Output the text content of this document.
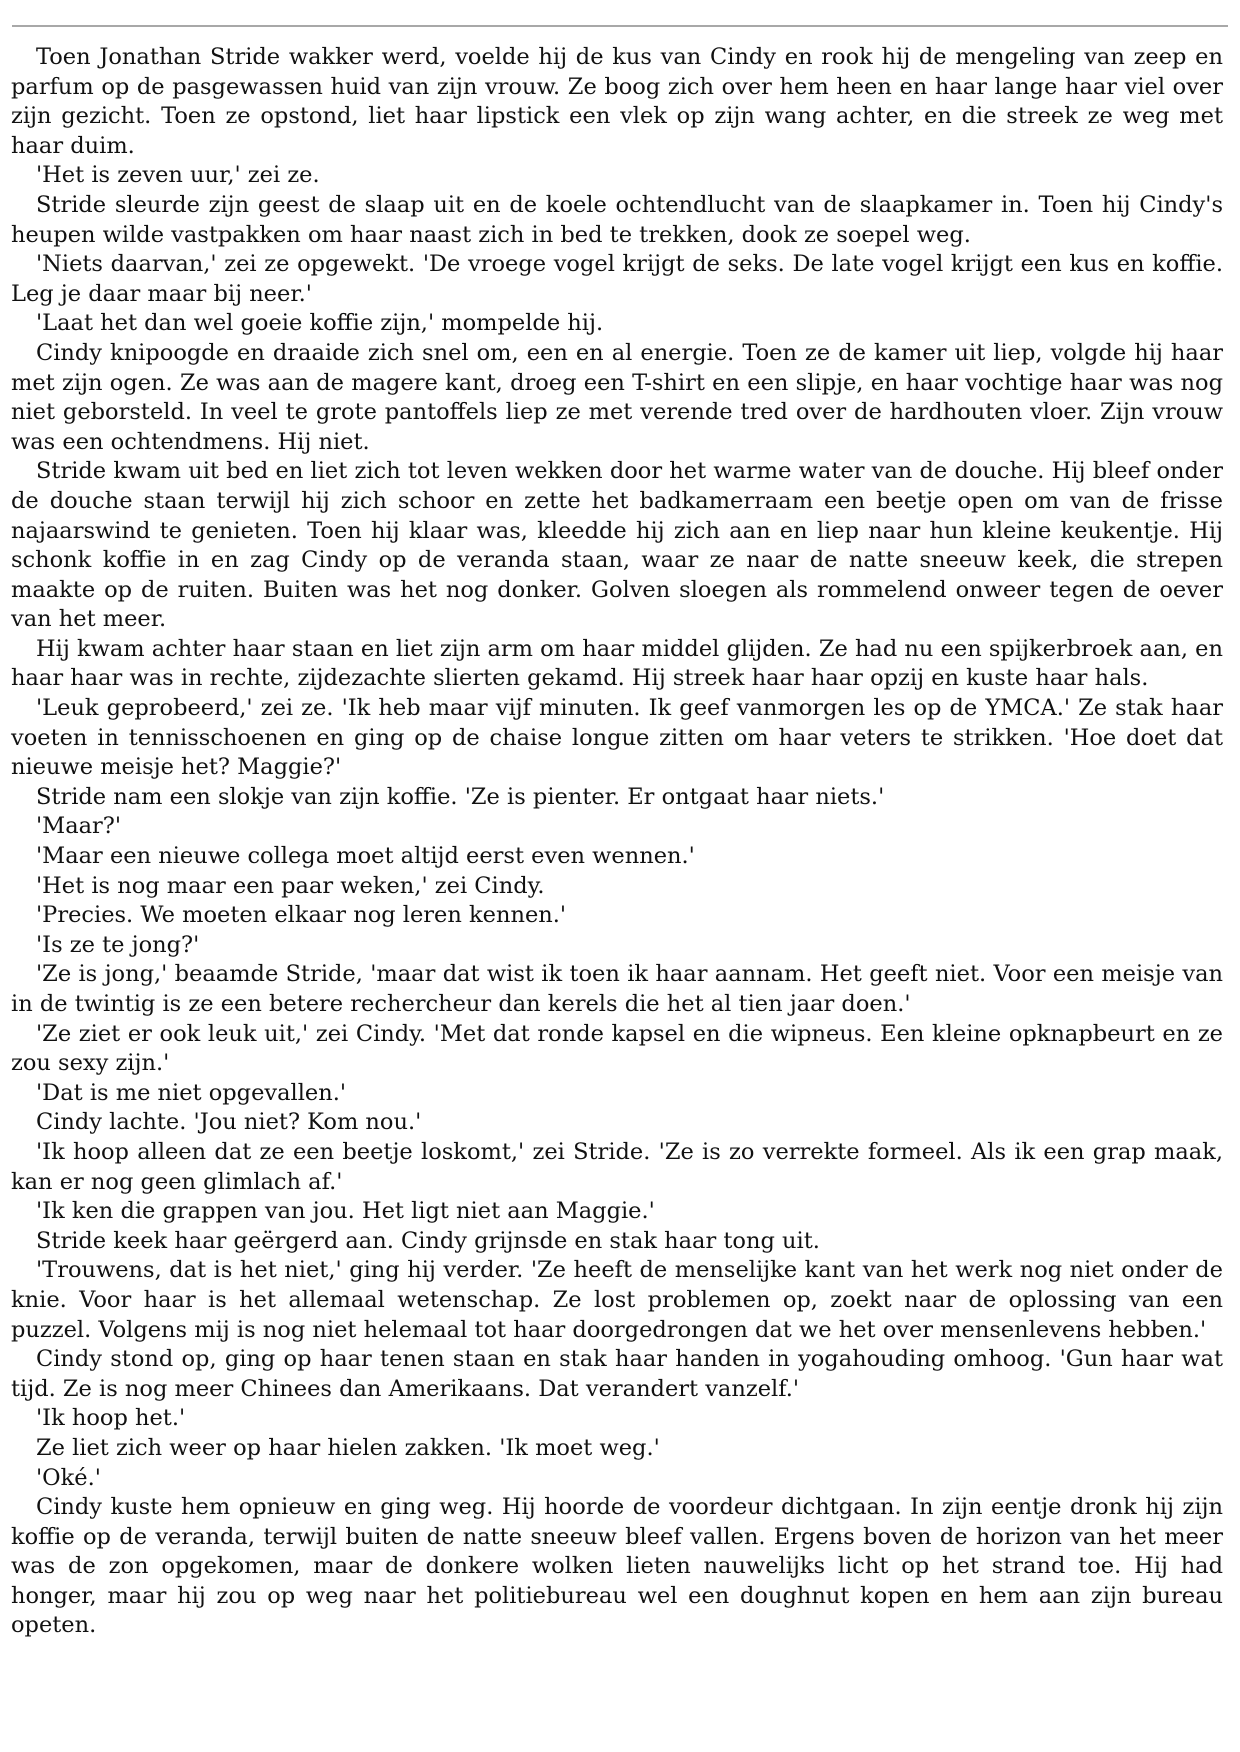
Toen Jonathan Stride wakker werd, voelde hij de kus van Cindy en rook hij de mengeling van zeep en parfum op de pasgewassen huid van zijn vrouw. Ze boog zich over hem heen en haar lange haar viel over zijn gezicht. Toen ze opstond, liet haar lipstick een vlek op zijn wang achter, en die streek ze weg met haar duim.

'Het is zeven uur,' zei ze.

Stride sleurde zijn geest de slaap uit en de koele ochtendlucht van de slaapkamer in. Toen hij Cindy's heupen wilde vastpakken om haar naast zich in bed te trekken, dook ze soepel weg.

'Niets daarvan,' zei ze opgewekt. 'De vroege vogel krijgt de seks. De late vogel krijgt een kus en koffie. Leg je daar maar bij neer.'

'Laat het dan wel goeie koffie zijn,' mompelde hij.

Cindy knipoogde en draaide zich snel om, een en al energie. Toen ze de kamer uit liep, volgde hij haar met zijn ogen. Ze was aan de magere kant, droeg een T-shirt en een slipje, en haar vochtige haar was nog niet geborsteld. In veel te grote pantoffels liep ze met verende tred over de hardhouten vloer. Zijn vrouw was een ochtendmens. Hij niet.

Stride kwam uit bed en liet zich tot leven wekken door het warme water van de douche. Hij bleef onder de douche staan terwijl hij zich schoor en zette het badkamerraam een beetje open om van de frisse najaarswind te genieten. Toen hij klaar was, kleedde hij zich aan en liep naar hun kleine keukentje. Hij schonk koffie in en zag Cindy op de veranda staan, waar ze naar de natte sneeuw keek, die strepen maakte op de ruiten. Buiten was het nog donker. Golven sloegen als rommelend onweer tegen de oever van het meer.

Hij kwam achter haar staan en liet zijn arm om haar middel glijden. Ze had nu een spijkerbroek aan, en haar haar was in rechte, zijdezachte slierten gekamd. Hij streek haar haar opzij en kuste haar hals.

'Leuk geprobeerd,' zei ze. 'Ik heb maar vijf minuten. Ik geef vanmorgen les op de YMCA.' Ze stak haar voeten in tennisschoenen en ging op de chaise longue zitten om haar veters te strikken. 'Hoe doet dat nieuwe meisje het? Maggie?'

Stride nam een slokje van zijn koffie. 'Ze is pienter. Er ontgaat haar niets.'

'Maar?'

'Maar een nieuwe collega moet altijd eerst even wennen.'

'Het is nog maar een paar weken,' zei Cindy.

'Precies. We moeten elkaar nog leren kennen.'

'Is ze te jong?'

'Ze is jong,' beaamde Stride, 'maar dat wist ik toen ik haar aannam. Het geeft niet. Voor een meisje van in de twintig is ze een betere rechercheur dan kerels die het al tien jaar doen.'

'Ze ziet er ook leuk uit,' zei Cindy. 'Met dat ronde kapsel en die wipneus. Een kleine opknapbeurt en ze zou sexy zijn.'

'Dat is me niet opgevallen.'

Cindy lachte. 'Jou niet? Kom nou.'

'Ik hoop alleen dat ze een beetje loskomt,' zei Stride. 'Ze is zo verrekte formeel. Als ik een grap maak, kan er nog geen glimlach af.'

'Ik ken die grappen van jou. Het ligt niet aan Maggie.'

Stride keek haar geërgerd aan. Cindy grijnsde en stak haar tong uit.

'Trouwens, dat is het niet,' ging hij verder. 'Ze heeft de menselijke kant van het werk nog niet onder de knie. Voor haar is het allemaal wetenschap. Ze lost problemen op, zoekt naar de oplossing van een puzzel. Volgens mij is nog niet helemaal tot haar doorgedrongen dat we het over mensenlevens hebben.'

Cindy stond op, ging op haar tenen staan en stak haar handen in yogahouding omhoog. 'Gun haar wat tijd. Ze is nog meer Chinees dan Amerikaans. Dat verandert vanzelf.'

'Ik hoop het.'

Ze liet zich weer op haar hielen zakken. 'Ik moet weg.'

'Oké.'

Cindy kuste hem opnieuw en ging weg. Hij hoorde de voordeur dichtgaan. In zijn eentje dronk hij zijn koffie op de veranda, terwijl buiten de natte sneeuw bleef vallen. Ergens boven de horizon van het meer was de zon opgekomen, maar de donkere wolken lieten nauwelijks licht op het strand toe. Hij had honger, maar hij zou op weg naar het politiebureau wel een doughnut kopen en hem aan zijn bureau opeten.
